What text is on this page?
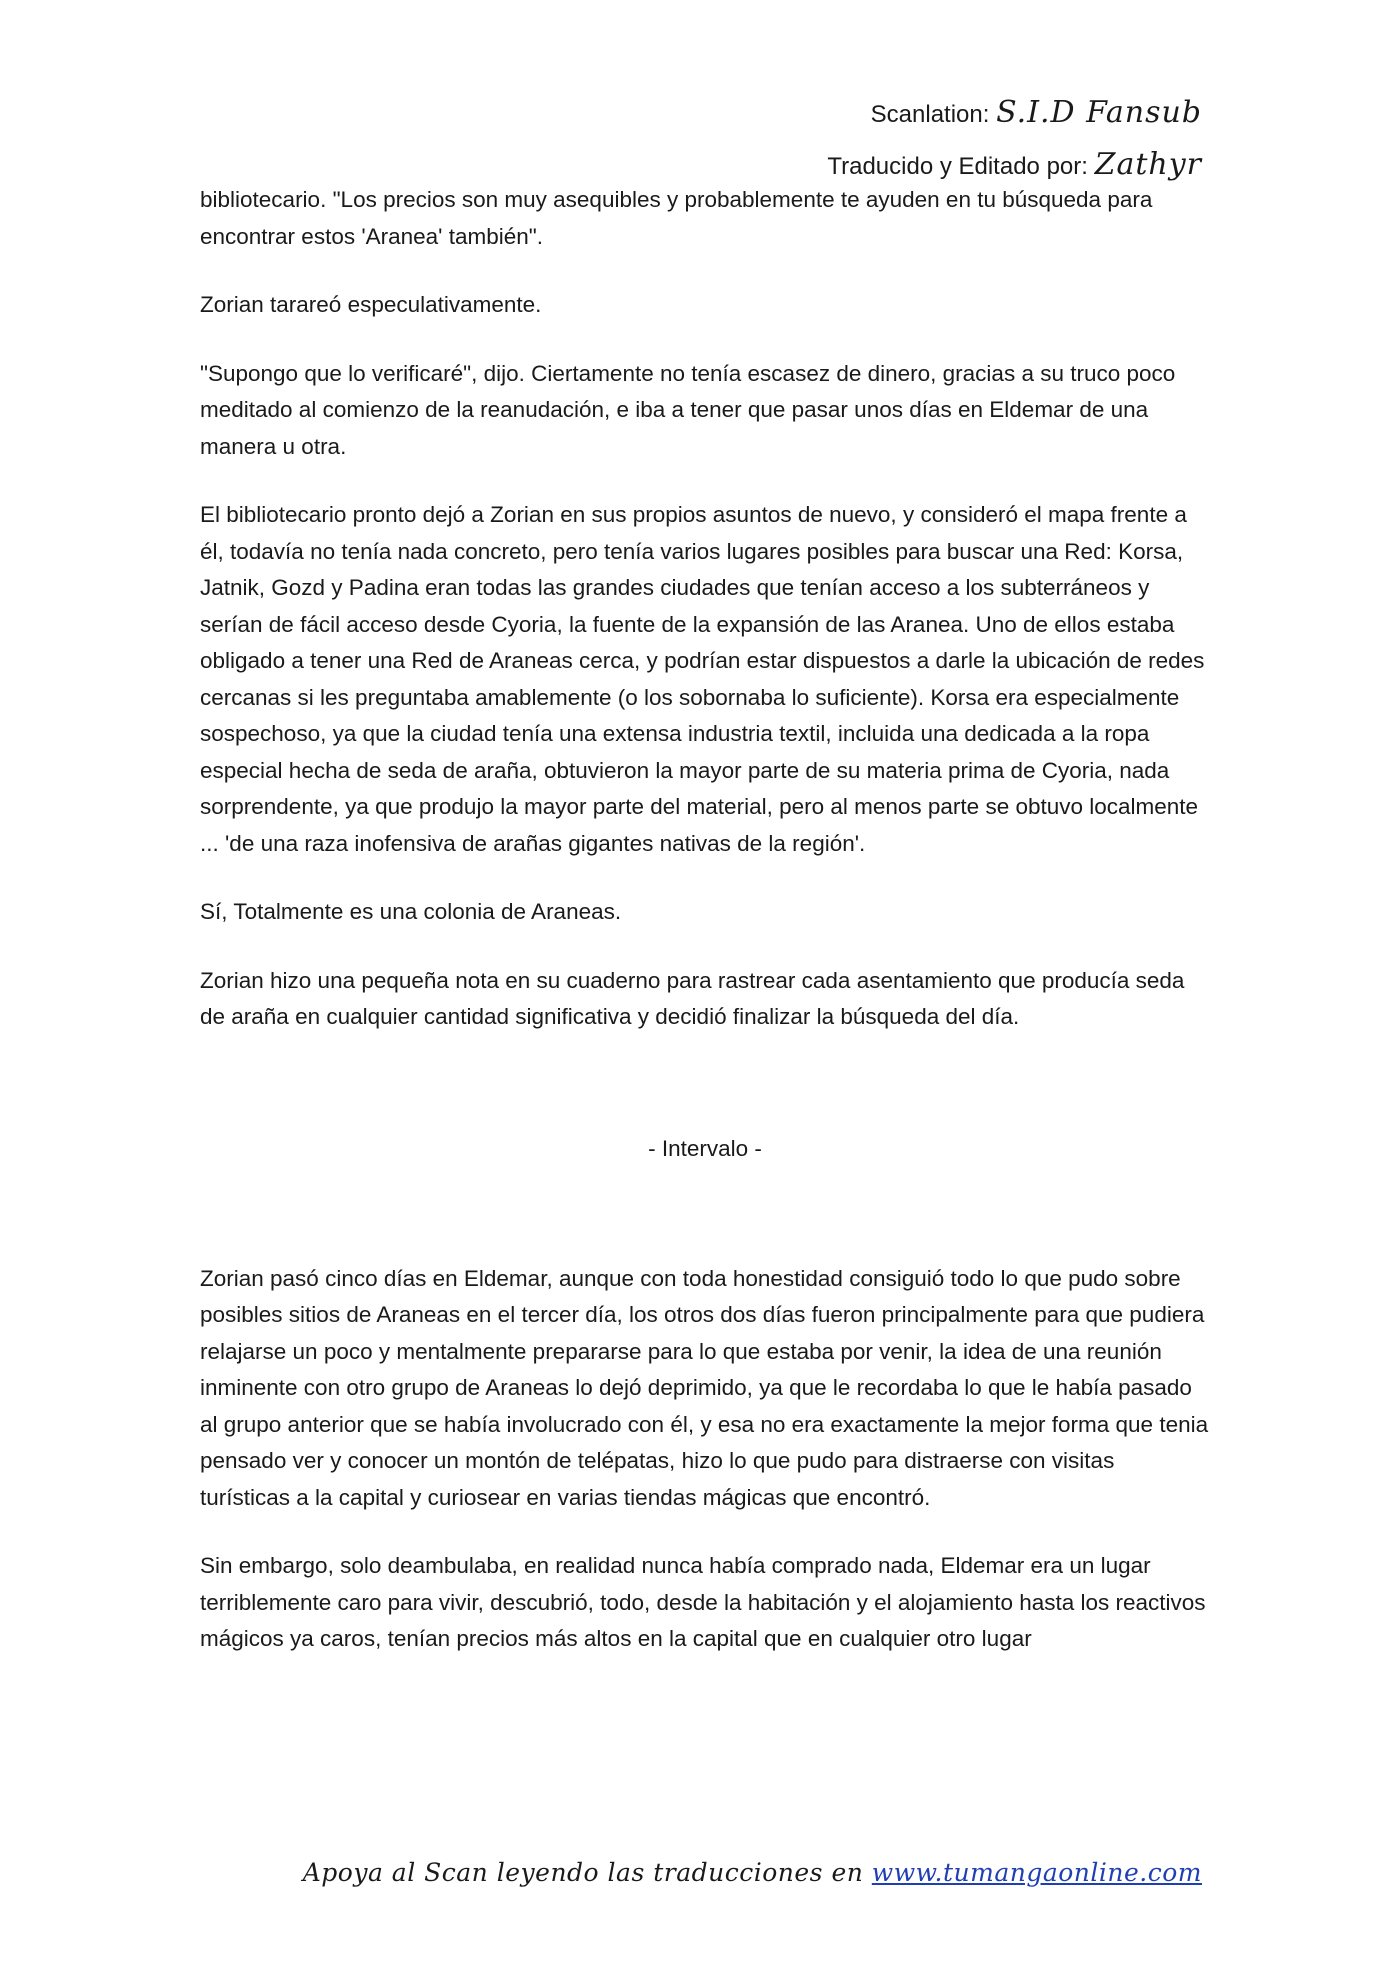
Scanlation: S.I.D Fansub
Traducido y Editado por: Zathyr

bibliotecario. "Los precios son muy asequibles y probablemente te ayuden en tu búsqueda para encontrar estos 'Aranea' también".

Zorian tarareó especulativamente.

"Supongo que lo verificaré", dijo. Ciertamente no tenía escasez de dinero, gracias a su truco poco meditado al comienzo de la reanudación, e iba a tener que pasar unos días en Eldemar de una manera u otra.

El bibliotecario pronto dejó a Zorian en sus propios asuntos de nuevo, y consideró el mapa frente a él, todavía no tenía nada concreto, pero tenía varios lugares posibles para buscar una Red: Korsa, Jatnik, Gozd y Padina eran todas las grandes ciudades que tenían acceso a los subterráneos y serían de fácil acceso desde Cyoria, la fuente de la expansión de las Aranea. Uno de ellos estaba obligado a tener una Red de Araneas cerca, y podrían estar dispuestos a darle la ubicación de redes cercanas si les preguntaba amablemente (o los sobornaba lo suficiente). Korsa era especialmente sospechoso, ya que la ciudad tenía una extensa industria textil, incluida una dedicada a la ropa especial hecha de seda de araña, obtuvieron la mayor parte de su materia prima de Cyoria, nada sorprendente, ya que produjo la mayor parte del material, pero al menos parte se obtuvo localmente ... 'de una raza inofensiva de arañas gigantes nativas de la región'.

Sí, Totalmente es una colonia de Araneas.

Zorian hizo una pequeña nota en su cuaderno para rastrear cada asentamiento que producía seda de araña en cualquier cantidad significativa y decidió finalizar la búsqueda del día.

- Intervalo -

Zorian pasó cinco días en Eldemar, aunque con toda honestidad consiguió todo lo que pudo sobre posibles sitios de Araneas en el tercer día, los otros dos días fueron principalmente para que pudiera relajarse un poco y mentalmente prepararse para lo que estaba por venir, la idea de una reunión inminente con otro grupo de Araneas lo dejó deprimido, ya que le recordaba lo que le había pasado al grupo anterior que se había involucrado con él, y esa no era exactamente la mejor forma que tenia pensado ver y conocer un montón de telépatas, hizo lo que pudo para distraerse con visitas turísticas a la capital y curiosear en varias tiendas mágicas que encontró.

Sin embargo, solo deambulaba, en realidad nunca había comprado nada, Eldemar era un lugar terriblemente caro para vivir, descubrió, todo, desde la habitación y el alojamiento hasta los reactivos mágicos ya caros, tenían precios más altos en la capital que en cualquier otro lugar

Apoya al Scan leyendo las traducciones en www.tumangaonline.com
